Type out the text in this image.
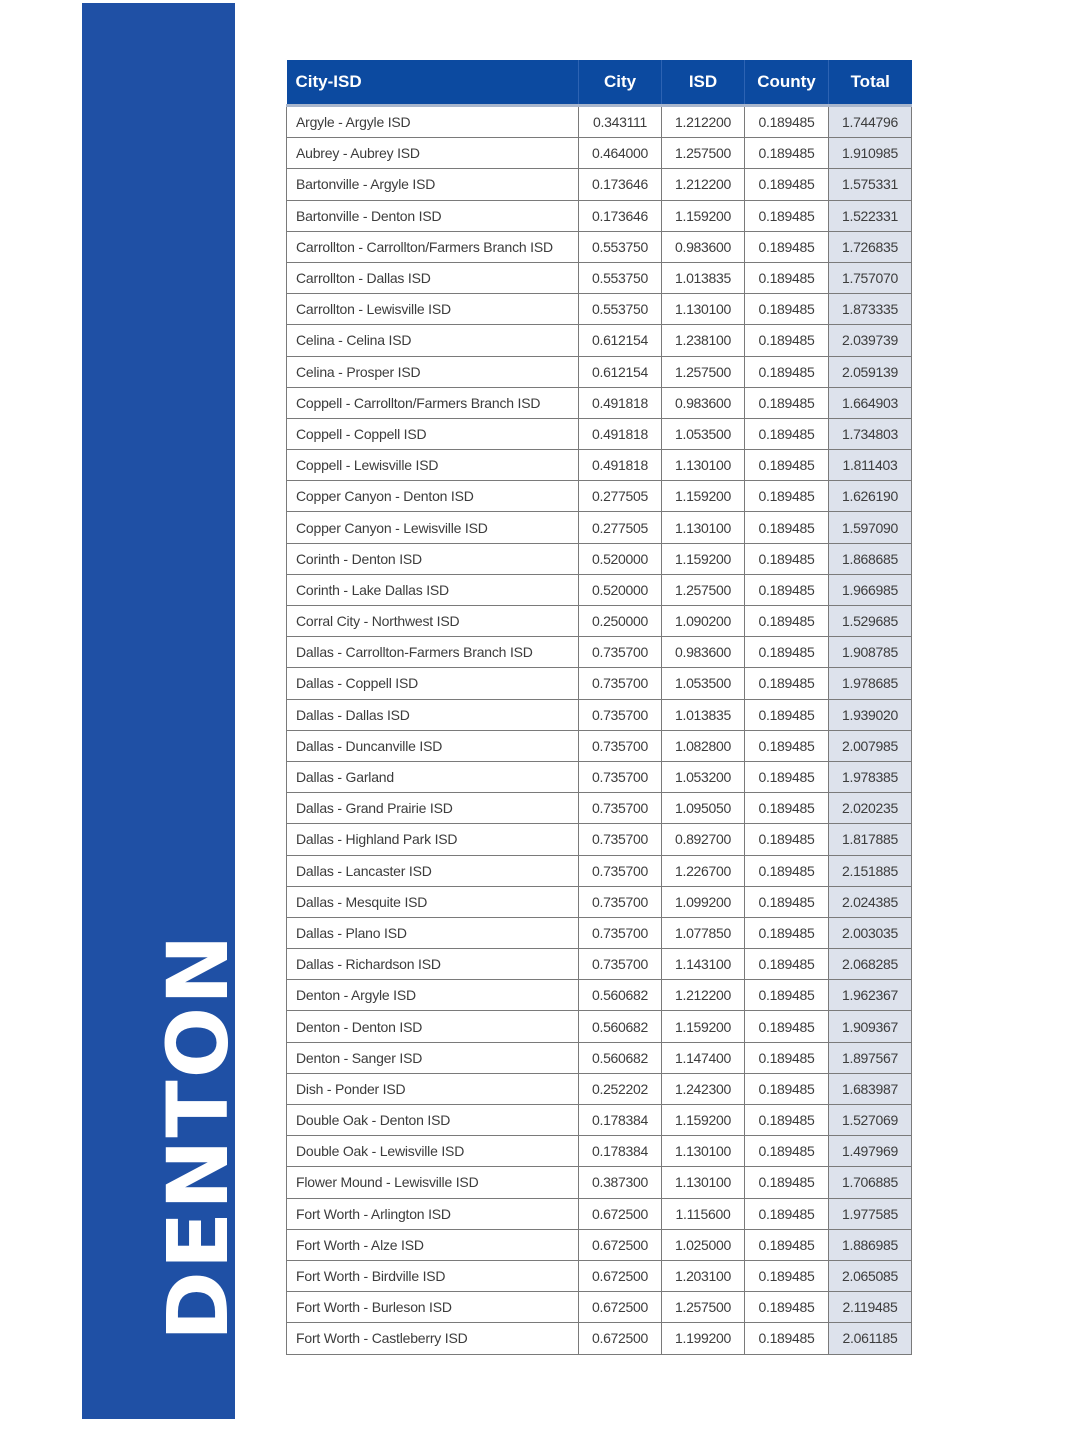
DENTON
City-ISD	City	ISD	County	Total
Argyle - Argyle ISD	0.343111	1.212200	0.189485	1.744796
Aubrey - Aubrey ISD	0.464000	1.257500	0.189485	1.910985
Bartonville - Argyle ISD	0.173646	1.212200	0.189485	1.575331
Bartonville - Denton ISD	0.173646	1.159200	0.189485	1.522331
Carrollton - Carrollton/Farmers Branch ISD	0.553750	0.983600	0.189485	1.726835
Carrollton - Dallas ISD	0.553750	1.013835	0.189485	1.757070
Carrollton - Lewisville ISD	0.553750	1.130100	0.189485	1.873335
Celina - Celina ISD	0.612154	1.238100	0.189485	2.039739
Celina - Prosper ISD	0.612154	1.257500	0.189485	2.059139
Coppell - Carrollton/Farmers Branch ISD	0.491818	0.983600	0.189485	1.664903
Coppell - Coppell ISD	0.491818	1.053500	0.189485	1.734803
Coppell - Lewisville ISD	0.491818	1.130100	0.189485	1.811403
Copper Canyon - Denton ISD	0.277505	1.159200	0.189485	1.626190
Copper Canyon - Lewisville ISD	0.277505	1.130100	0.189485	1.597090
Corinth - Denton ISD	0.520000	1.159200	0.189485	1.868685
Corinth - Lake Dallas ISD	0.520000	1.257500	0.189485	1.966985
Corral City - Northwest ISD	0.250000	1.090200	0.189485	1.529685
Dallas - Carrollton-Farmers Branch ISD	0.735700	0.983600	0.189485	1.908785
Dallas - Coppell ISD	0.735700	1.053500	0.189485	1.978685
Dallas - Dallas ISD	0.735700	1.013835	0.189485	1.939020
Dallas - Duncanville ISD	0.735700	1.082800	0.189485	2.007985
Dallas - Garland	0.735700	1.053200	0.189485	1.978385
Dallas - Grand Prairie ISD	0.735700	1.095050	0.189485	2.020235
Dallas - Highland Park ISD	0.735700	0.892700	0.189485	1.817885
Dallas - Lancaster ISD	0.735700	1.226700	0.189485	2.151885
Dallas - Mesquite ISD	0.735700	1.099200	0.189485	2.024385
Dallas - Plano ISD	0.735700	1.077850	0.189485	2.003035
Dallas - Richardson ISD	0.735700	1.143100	0.189485	2.068285
Denton - Argyle ISD	0.560682	1.212200	0.189485	1.962367
Denton - Denton ISD	0.560682	1.159200	0.189485	1.909367
Denton - Sanger ISD	0.560682	1.147400	0.189485	1.897567
Dish - Ponder ISD	0.252202	1.242300	0.189485	1.683987
Double Oak - Denton ISD	0.178384	1.159200	0.189485	1.527069
Double Oak - Lewisville ISD	0.178384	1.130100	0.189485	1.497969
Flower Mound - Lewisville ISD	0.387300	1.130100	0.189485	1.706885
Fort Worth - Arlington ISD	0.672500	1.115600	0.189485	1.977585
Fort Worth - Alze ISD	0.672500	1.025000	0.189485	1.886985
Fort Worth - Birdville ISD	0.672500	1.203100	0.189485	2.065085
Fort Worth - Burleson ISD	0.672500	1.257500	0.189485	2.119485
Fort Worth - Castleberry ISD	0.672500	1.199200	0.189485	2.061185
